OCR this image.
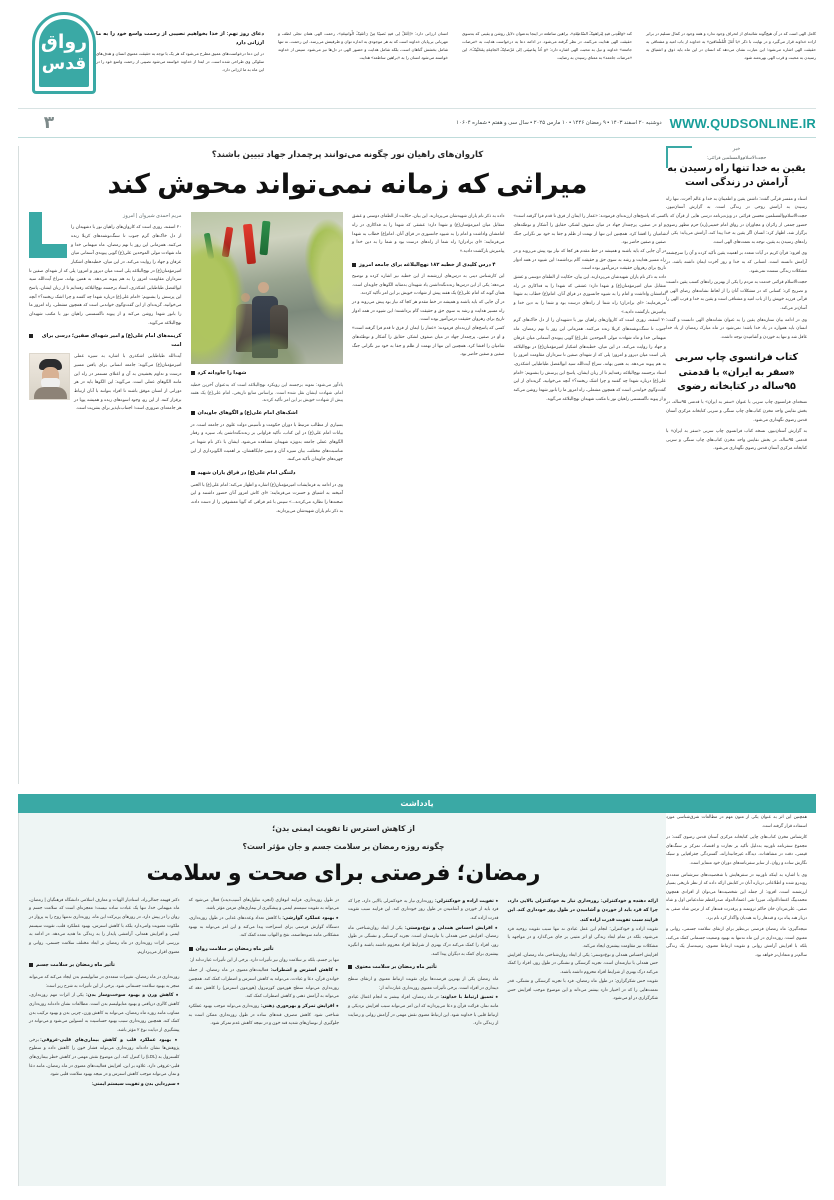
رواق
قدس
دعای روز نهم: از خدا بخواهیم نصیبی از رحمت واسع خود را به ما ارزانی دارد
در این دعا درخواست‌های عمیق مطرح می‌شود که هر یک با توجه به حقیقت معنوی انسان و هدف‌های سلوکی وی طراحی شده است. در ابتدا از خداوند خواسته می‌شود نصیبی از رحمت واسع خود را در این ماه به ما ارزانی دارد.
انسان ارزانی دارد: «اِجْعَلْ لِی فیهِ نَصیبًا مِنْ رَحْمَتِکَ الْواسِعَةِ»، رحمت الهی همان تجلی لطف و مهربانی بی‌پایان خداوند است که به هر موجودی به اندازه توان و ظرفیتش می‌رسد. این رحمت، نه تنها شامل بخشش گناهان است، بلکه شامل هدایت و حضور الهی در دل‌ها نیز می‌شود. سپس از خداوند خواسته می‌شود انسان را به «براهین ساطعه» هدایت
کند «وَاهْدِنی فیهِ لِبَراهینِکَ السّاطِعَةِ»، براهین ساطعه در اینجا به‌عنوان دلایل روشن و یقینی که به‌سوی حقیقت الهی هدایت می‌کنند، در نظر گرفته می‌شود. در ادامه دعا به درخواست هدایت به «مرضات جامعه» خداوند و نیل به محبت الهی اشاره دارد: «وَ خُذْ بِناصِیَتی اِلی مَرْضاتِکَ الجامِعَةِ بِمَحَبَّتِکَ». این «مرضات جامعه» به معنای رسیدن به رضایت
کامل الهی است که در آن هیچ‌گونه شائبه‌ای از انحراف وجود ندارد و همه وجود در کمال تسلیم در برابر اراده خداوند قرار می‌گیرد و در نهایت با ذکر «یا أَمَلَ الْمُشْتاقینَ» به خداوند از باب امید و مشتاقی به حقیقت الهی اشاره می‌شود؛ این عبارت نشان می‌دهد که انسان در این ماه باید ذوق و اشتیاق به رسیدن به محبت و قرب الهی بهره‌مند شود.
۳	دوشنبه ۲۰ اسفند ۱۴۰۳ ▪ ۹ رمضان ۱۴۴۶ ▪ ۱۰ مارس ۲۰۲۵ ▪ سال سی و هفتم ▪ شماره ۱۰۶۰۴ WWW.QUDSONLINE.IR
کاروان‌های راهیان نور چگونه می‌توانند پرچمدار جهاد تبیین باشند؟
میراثی که زمانه نمی‌تواند محوش کند
مریم احمدی شیروان | امروز
۲۰ اسفند، روزی است که کاروان‌های راهیان نور با دشهیدان را از دل خاک‌های گرم جنوب تا سنگ‌نوشته‌های کربلا زنده می‌کنند. همزمانی این روز با نهم رمضان، ماه میهمانی خدا و ماه شهادت مولی الموحدین علی(ع) گویی پیوندی آسمانی میان عرفان و جهاد را روایت می‌کند. در این میان، خطبه‌های اشکبار امیرمؤمنان(ع) در نهج‌البلاغه پلی است میان دیروز و امروز؛ پلی که از شهدای صفین تا سرداران مقاومت امروز را به هم پیوند می‌دهد. به همین بهانه، سراغ آیت‌الله سید ابوالفضل طباطبایی اشکذری، استاد برجسته نهج‌البلاغه رفته‌ایم تا از زبان ایشان، پاسخ این پرسش را بشنویم: «امام علی(ع) درباره شهدا چه گفتند و چرا اشک ریختند؟» آنچه می‌خوانید، گزیده‌ای از این گفت‌وگوی خواندنی است که همچون مشعلی، راه امروز ما را بانور شهدا روشن می‌کند و از پیوند ناگسستنی راهیان نور با مکتب شهیدان نهج‌البلاغه می‌گوید.
کریمه‌های امام علی(ع) و امیر شهدای صفین؛ درسی برای امت
آیت‌الله طباطبایی اشکذری با اشاره به سیره عملی امیرمؤمنان(ع) می‌گوید: جامعه انسانی برای یافتن مسیر درست و تداوم بخشیدن به آن و اعتلای مستمر در راه این مانند الگوهای عملی است. می‌گوید: این الگوها باید در هر دورانی از انسان موفق باشند تا افراد بتوانند با آنان ارتباط برقرار کنند. از این رو، وجود اسوه‌های زنده و همیشه پویا در هر جامعه‌ای ضروری است؛ اجتناب‌ناپذیر برای بشریت است.
شهدا را جاودانه کرد
یادآور می‌شود: نمونه برجسته این رویکرد نهج‌البلاغه است که به‌عنوان آخرین خطبه امام، شهادت ایشان نقل شده است. براساس منابع تاریخی، امام علی(ع) یک هفته پیش از شهادت خویش بر این امر تأکید کردند.
اشک‌های امام علی(ع) و الگوهای جاویدان
بسیاری از مطالب مرتبط با دوران حکومت و تأسیس دولت علوی در جامعه است. در بیانات امام علی(ع) در این کتاب، تأکید فراوانی بر زنده‌نگه‌داشتن یاد، سیره و رفتار الگوهای عملی جامعه به‌ویژه شهیدان مشاهده می‌شود. ایشان با ذکر نام شهدا در مناسبت‌های مختلف، بیان سیره آنان و تبیین جایگاهشان، بر اهمیت الگوبرداری از این چهره‌های جاویدان تأکید می‌کنند.
دلتنگی امام علی(ع) در فراق یاران شهید
وی در ادامه به فرمایشات امیرمؤمنان(ع) اشاره و اظهار می‌کند: امام علی(ع) با الحنی آمیخته به اشتیاق و حسرت می‌فرمایند: «ای کاش امروز آنان حضور داشتند و این صحنه‌ها را نظاره می‌کردند...» سپس با غم فراقی که گویا معشوقی را از دست داده، به ذکر نام یاران شهیدشان می‌پردازند.
داده به ذکر نام یاران شهیدشان می‌پردازند. این بیان، حکایت از الطفای دوستی و عشق متقابل میان امیرمؤمنان(ع) و شهدا دارد؛ عشقی که شهدا را به فداکاری در راه امامشان واداشت و امام را به شیوه جانسوزی در فراق آنان. امام(ع) خطاب به شهدا می‌فرمایند: «ای برادران! راه شما از راه‌های درست بود و شما را به دین خدا و پیامبرش بازگشت دادید.»
۴ درس کلیدی از خطبه ۱۸۲ نهج‌البلاغه برای جامعه امروز
این کارشناس دینی به درس‌های ارزشمند از این خطبه نیز اشاره کرده و توضیح می‌دهد: یکی از این درس‌ها زنده‌نگه‌داشتن یاد شهیدان به‌مثابه الگوهای جاویدان است. همان گونه که امام علی(ع) یک هفته پیش از شهادت خویش بر این امر تأکید کردند.
در آن جایی که باید باشند و همیشه در خط مقدم هر کجا که نیاز بود پیش می‌روند و در راه مسیر هدایت و رشد به سوی حق و حقیقت گام برداشتند؛ این شیوه در همه ادوار تاریخ برای رهروان حقیقت درس‌آموز بوده است.
کسی که پاسخ‌های ارزنده‌ای فرمودند: «عمار را ایمان از فرق تا قدم فرا گرفته است» و او در صفین، پرچمدار جهاد در میان صفوف لشکر، حقایق را آشکار و توطئه‌های شامیان را افشا کرد. همچنین ابن تنها از تهمت از ظلم و جفا به خود نیز نگرانی جنگ صفین و صفین حاضر بود.
کسی که پاسخ‌های ارزنده‌ای فرمودند: «عمار را ایمان از فرق تا قدم فرا گرفته است» و او در صفین، پرچمدار جهاد در میان صفوف لشکر، حقایق را آشکار و توطئه‌های شامیان را افشا کرد. همچنین ابن تنها از تهمت از ظلم و جفا به خود نیز نگرانی جنگ صفین و صفین حاضر بود.
در آن جایی که باید باشند و همیشه در خط مقدم هر کجا که نیاز بود پیش می‌روند و در راه مسیر هدایت و رشد به سوی حق و حقیقت گام برداشتند؛ این شیوه در همه ادوار تاریخ برای رهروان حقیقت درس‌آموز بوده است.
داده به ذکر نام یاران شهیدشان می‌پردازند. این بیان، حکایت از الطفای دوستی و عشق متقابل میان امیرمؤمنان(ع) و شهدا دارد؛ عشقی که شهدا را به فداکاری در راه امامشان واداشت و امام را به شیوه جانسوزی در فراق آنان. امام(ع) خطاب به شهدا می‌فرمایند: «ای برادران! راه شما از راه‌های درست بود و شما را به دین خدا و پیامبرش بازگشت دادید.»
۲۰ اسفند، روزی است که کاروان‌های راهیان نور با دشهیدان را از دل خاک‌های گرم جنوب تا سنگ‌نوشته‌های کربلا زنده می‌کنند. همزمانی این روز با نهم رمضان، ماه میهمانی خدا و ماه شهادت مولی الموحدین علی(ع) گویی پیوندی آسمانی میان عرفان و جهاد را روایت می‌کند. در این میان، خطبه‌های اشکبار امیرمؤمنان(ع) در نهج‌البلاغه پلی است میان دیروز و امروز؛ پلی که از شهدای صفین تا سرداران مقاومت امروز را به هم پیوند می‌دهد. به همین بهانه، سراغ آیت‌الله سید ابوالفضل طباطبایی اشکذری، استاد برجسته نهج‌البلاغه رفته‌ایم تا از زبان ایشان، پاسخ این پرسش را بشنویم: «امام علی(ع) درباره شهدا چه گفتند و چرا اشک ریختند؟» آنچه می‌خوانید، گزیده‌ای از این گفت‌وگوی خواندنی است که همچون مشعلی، راه امروز ما را بانور شهدا روشن می‌کند و از پیوند ناگسستنی راهیان نور با مکتب شهیدان نهج‌البلاغه می‌گوید.
خبر
حجت‌الاسلام‌والمسلمین قرائتی:
یقین به خدا تنها راه رسیدن به آرامش در زندگی است

استاد و مفسر قرآنی گفت: داشتن یقین و اطمینان به خدا و عالم آخرت، تنها راه رسیدن به آرامش روحی در زندگی است. به گزارش آستان‌نیوز، حجت‌الاسلام‌والمسلمین محسن قرائتی در ویژه‌برنامه درسی هایی از قرآن که با حضور جمعی از زائران و مجاوران در رواق امام خمینی(ره) حرم مطهر رضوی برگزار شد، اظهار کرد: انسان اگر یقین به خدا پیدا کند، آرامش می‌یابد؛ یکی از راه‌های رسیدن به یقین، توجه به نعمت‌های الهی است.

وی افزود: قرآن کریم در آیات متعدد بر اهمیت یقین تأکید کرده و آن را سرچشمه آرامش دانسته است. انسانی که به خدا و روز آخرت ایمان داشته باشد، در مشکلات زندگی سست نمی‌شود.

حجت‌الاسلام قرائتی خدمت به مردم را یکی از بهترین راه‌های کسب یقین دانست و تصریح کرد: کسانی که در مشکلات آنان را از لحاظ نشانه‌های رضای الهی و قرآنی فرزند خویش را از باب امید و مشتاقی است و یقین به خدا و قرب الهی را آسان‌تر می‌کند.

وی در ادامه بیان ستاره‌های یقین را به عنوان نشانه‌های الهی دانست و گفت: انسان باید همواره در یاد خدا باشد؛ نمی‌شود در ماه مبارک رمضان از یاد خدا غافل شد و تنها به خوردن و آشامیدن توجه داشت.

کتاب فرانسوی چاپ سربی «سفر به ایران» با قدمتی ۹۵ساله در کتابخانه رضوی

نسخه‌ای فرانسوی چاپ سربی با عنوان «سفر به ایران» با قدمتی ۹۵ساله، در بخش نفایس واحد مخزن کتاب‌های چاپ سنگی و سربی کتابخانه مرکزی آستان قدس رضوی نگهداری می‌شود.

به گزارش آستان‌نیوز، نسخه کتاب فرانسوی چاپ سربی «سفر به ایران» با قدمتی ۹۵ساله، در بخش نفایس واحد مخزن کتاب‌های چاپ سنگی و سربی کتابخانه مرکزی آستان قدس رضوی نگهداری می‌شود.

یادداشت
از کاهش استرس تا تقویت ایمنی بدن؛
چگونه روزه رمضان بر سلامت جسم و جان مؤثر است؟
رمضان؛ فرصتی برای صحت و سلامت
دکتر فهیمه جمالی‌راد، استادیار الهیات و معارف اسلامی دانشگاه فرهنگیان | رمضان، ماه میهمانی خدا، تنها یک عبادت ساده نیست؛ معجزه‌ای است که سلامت جسم و روان را در پیش دارد. در روزهای پربرکت این ماه، روزه‌داری نه‌تنها روح را به پرواز در ملکوت معنویت وامی‌دارد بلکه با کاهش استرس، بهبود عملکرد قلب، تقویت سیستم ایمنی و افزایش همدلی، آرامشی پایدار را به زندگی ما هدیه می‌دهد. در ادامه به بررسی اثرات روزه‌داری در ماه رمضان بر ابعاد مختلف سلامت جسمی، روانی و معنوی اقرار می‌پردازیم.
تأثیر ماه رمضان بر سلامت جسم
روزه‌داری در ماه رمضان، تغییرات متعددی در متابولیسم بدن ایجاد می‌کند که می‌تواند منجر به بهبود سلامت جسمانی شود. برخی از این تأثیرات به شرح زیر است:
● کاهش وزن و بهبود سوخت‌وساز بدن: یکی از اثرات مهم روزه‌داری، کاهش کالری دریافتی و بهبود متابولیسم بدن است. مطالعات نشان داده‌اند روزه‌داری متناوب مانند روزه ماه رمضان، می‌تواند به کاهش وزن، چربی بدن و بهبود ترکیب بدن کمک کند. همچنین روزه‌داری سبب بهبود حساسیت به انسولین می‌شود و می‌تواند در پیشگیری از دیابت نوع ۲ مؤثر باشد.
● بهبود عملکرد قلب و کاهش بیماری‌های قلبی-عروقی: برخی پژوهش‌ها نشان داده‌اند روزه‌داری می‌تواند فشار خون را کاهش داده و سطوح کلسترول بد (LDL) را کنترل کند. این موضوع نقش مهمی در کاهش خطر بیماری‌های قلبی-عروقی دارد. علاوه بر این، افزایش فعالیت‌های معنوی در ماه رمضان، مانند دعا و نماز، می‌تواند موجب کاهش استرس و در نتیجه بهبود سلامت قلبی شود.
● سم‌زدایی بدن و تقویت سیستم ایمنی:
در طول روزه‌داری، فرایند اتوفاژی (انجزه سلول‌های آسیب‌دیده) فعال می‌شود که می‌تواند به تقویت سیستم ایمنی و پیشگیری از بیماری‌های مزمن مؤثر باشد.
● بهبود عملکرد گوارشی: با کاهش تعداد وعده‌های غذایی در طول روزه‌داری، دستگاه گوارش فرصتی برای استراحت پیدا می‌کند و این امر می‌تواند به بهبود مشکلاتی مانند سوءهاضمه، نفخ و التهاب معده کمک کند.
تأثیر ماه رمضان بر سلامت روان
تنها بر جسم، بلکه بر سلامت روان نیز تأثیرات دارد. برخی از این تأثیرات عبارت‌اند از:
● کاهش استرس و اضطراب: فعالیت‌های معنوی در ماه رمضان، از جمله خواندن قرآن، دعا و عبادت، می‌تواند به کاهش استرس و اضطراب کمک کند. همچنین روزه‌داری می‌تواند سطح هورمون کورتیزول (هورمون استرس) را کاهش دهد که می‌تواند به آرامش ذهنی و کاهش اضطراب کمک کند.
● افزایش تمرکز و بهره‌وری ذهنی: روزه‌داری می‌تواند موجب بهبود عملکرد شناختی شود. کاهش مصرف قندهای ساده در طول روزه‌داری ممکن است به جلوگیری از نوسان‌های شدید قند خون و در نتیجه کاهش عدم تمرکز شود.
● تقویت اراده و خودکنترلی: روزه‌داری نیاز به خودکنترلی بالایی دارد، چرا که فرد باید از خوردن و آشامیدن در طول روز خودداری کند. این فرایند سبب تقویت قدرت اراده کند.
● افزایش احساس همدلی و نوع‌دوستی: یکی از ابعاد روان‌شناختی ماه رمضان، افزایش حس همدلی با نیازمندان است. تجربه گرسنگی و تشنگی در طول روز، افراد را کمک می‌کند درک بهتری از شرایط افراد محروم داشته باشند و انگیزه بیشتری برای کمک به دیگران پیدا کنند.
تأثیر ماه رمضان بر سلامت معنوی
ماه رمضان یکی از بهترین فرصت‌ها برای تقویت ارتباط معنوی و ارتقای سطح دینداری در افراد است. برخی تأثیرات معنوی روزه‌داری عبارت‌اند از:
● تعمیق ارتباط با خداوند: در ماه رمضان، افراد بیشتر به انجام اعمال عبادی مانند نماز، قرائت قرآن و دعا می‌پردازند که این امر می‌تواند سبب افزایش نزدیکی و ارتباط قلبی با خداوند شود. این ارتباط معنوی نقش مهمی در آرامش روانی و رضایت از زندگی دارد.
ارائه دهنده و خودکنترلی: روزه‌داری نیاز به خودکنترلی بالایی دارد، چرا که فرد باید از خوردن و آشامیدن در طول روز خودداری کند. این فرایند سبب تقویت قدرت اراده کند.
تقویت اراده و خودکنترلی: انجام این عمل عبادی نه تنها سبب تقویت روحیه فرد می‌شود، بلکه در تمام ابعاد زندگی او اثر مثبتی بر جای می‌گذارد و در مواجهه با مشکلات نیز مقاومت بیشتری ایجاد می‌کند.
افزایش احساس همدلی و نوع‌دوستی: یکی از ابعاد روان‌شناختی ماه رمضان، افزایش حس همدلی با نیازمندان است. تجربه گرسنگی و تشنگی در طول روز، افراد را کمک می‌کند درک بهتری از شرایط افراد محروم داشته باشند.
تقویت حس شکرگزاری: در طول ماه رمضان، فرد با تجربه گرسنگی و تشنگی، قدر نعمت‌هایی را که در اختیار دارد بیشتر می‌داند و این موضوع موجب افزایش حس شکرگزاری در او می‌شود.

همچنین این اثر به عنوان یکی از متون مهم در مطالعات شرق‌شناسی مورد استفاده قرار گرفته است.

کارشناس مخزن کتاب‌های چاپی کتابخانه مرکزی آستان قدس رضوی گفت: در مجموع سفرنامه تاورنیه به‌دلیل تأکید بر تجارت و اقتصاد، تمرکز بر سنگ‌های قیمتی، دقت در مشاهدات، دیدگاه غیرجانبدارانه، گستردگی جغرافیایی و سبک نگارش ساده و روان، از سایر سفرنامه‌های دوران خود متمایز است.

وی با اشاره به اینکه تاورنیه در سفرهایش با شخصیت‌های سرشناس متعددی روبه‌رو شده و اطلاعاتی درباره آنان در کتابش ارائه داده که از نظر تاریخی بسیار ارزشمند است، افزود: از جمله این شخصیت‌ها می‌توان از افرادی همچون محمدبیگ اعتمادالدوله، میرزا تقی اعتمادالدوله صدراعظم شاه‌عباس اول و شاه صفی، علی‌مردان خان حاکم ثروتمند و پرقدرت قندهار که از ترس شاه صفی به دربار هند پناه برد و قندهار را به هندیان واگذار کرد نام برد.

نتیجه‌گیری: ماه رمضان فرصتی بی‌نظیر برای ارتقای سلامت جسمی، روانی و معنوی است. روزه‌داری در این ماه نه‌تنها به بهبود وضعیت جسمانی کمک می‌کند، بلکه با افزایش آرامش روانی و تقویت ارتباط معنوی، زمینه‌ساز یک زندگی سالم‌تر و متعادل‌تر خواهد بود.
